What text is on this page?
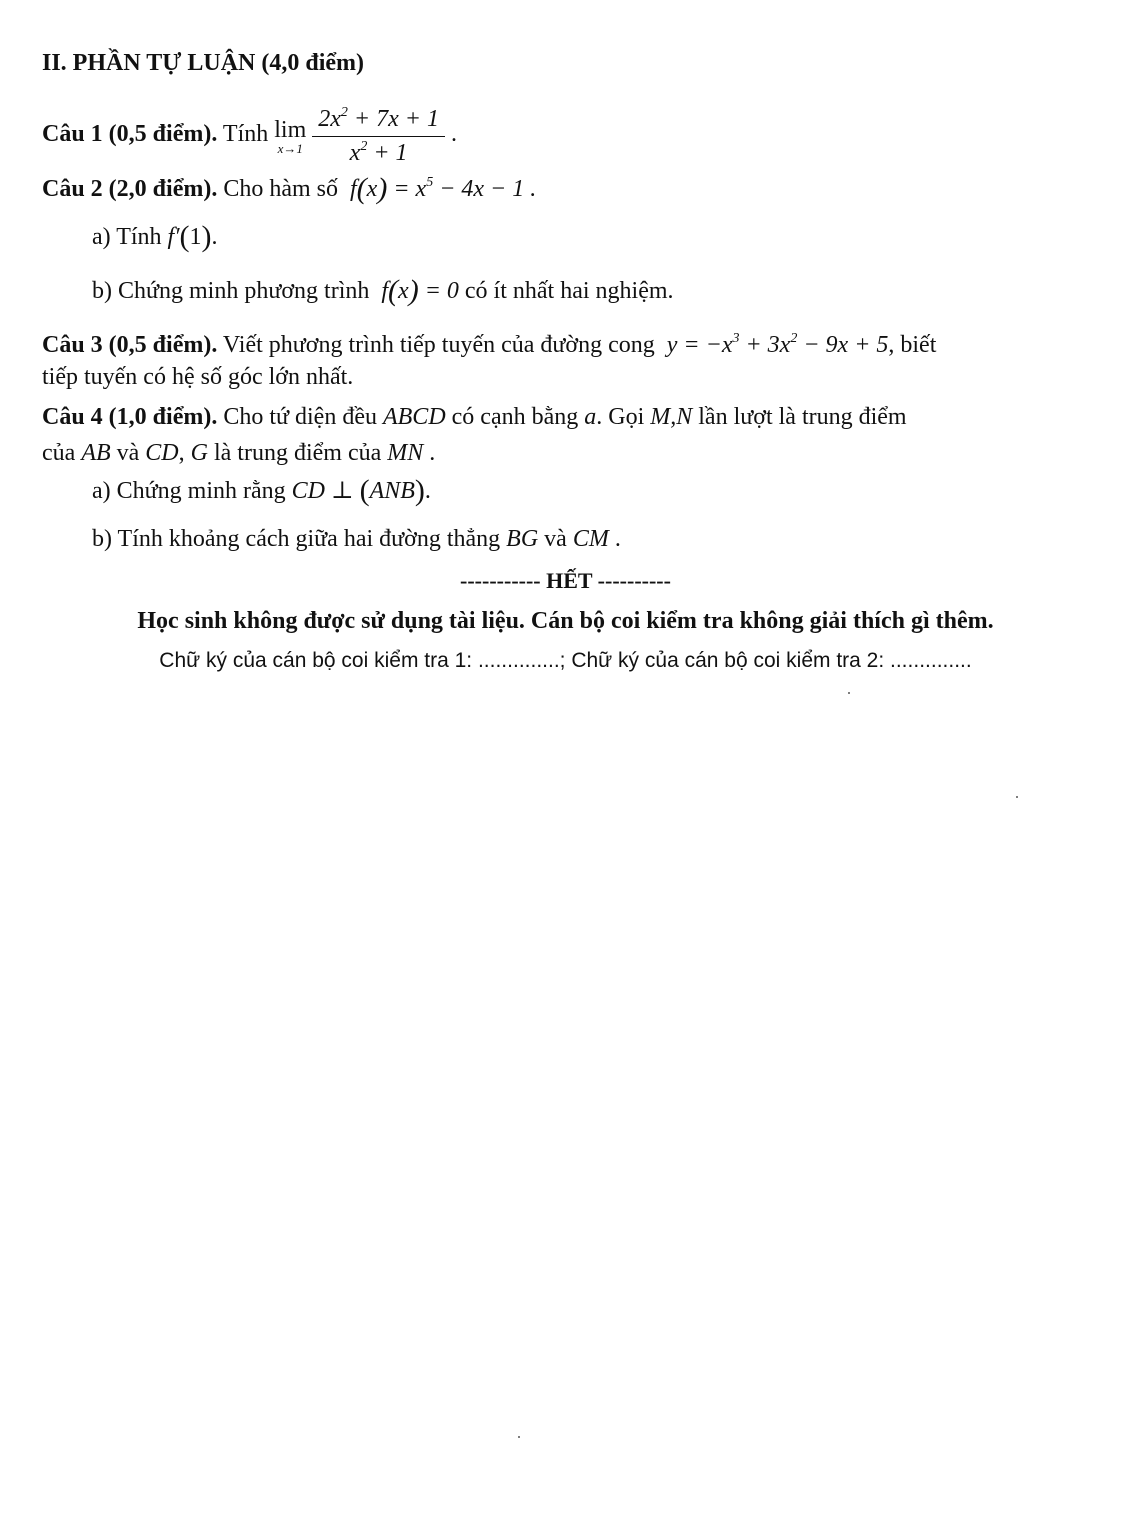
II. PHẦN TỰ LUẬN (4,0 điểm)
Câu 1 (0,5 điểm). Tính lim
x→1
$\frac{2x^2 + 7x + 1}{x^2 + 1}$ .
Câu 2 (2,0 điểm). Cho hàm số $f(x) = x^5 - 4x - 1$ .
a) Tính f′(1).
b) Chứng minh phương trình f(x) = 0 có ít nhất hai nghiệm.
Câu 3 (0,5 điểm). Viết phương trình tiếp tuyến của đường cong $y = -x^3 + 3x^2 - 9x + 5$, biết
tiếp tuyến có hệ số góc lớn nhất.
Câu 4 (1,0 điểm). Cho tứ diện đều ABCD có cạnh bằng a. Gọi M,N lần lượt là trung điểm
của AB và CD, G là trung điểm của MN .
a) Chứng minh rằng CD ⊥ (ANB).
b) Tính khoảng cách giữa hai đường thẳng BG và CM .
----------- HẾT ----------
Học sinh không được sử dụng tài liệu. Cán bộ coi kiểm tra không giải thích gì thêm.
Chữ ký của cán bộ coi kiểm tra 1: ..............; Chữ ký của cán bộ coi kiểm tra 2: ..............
